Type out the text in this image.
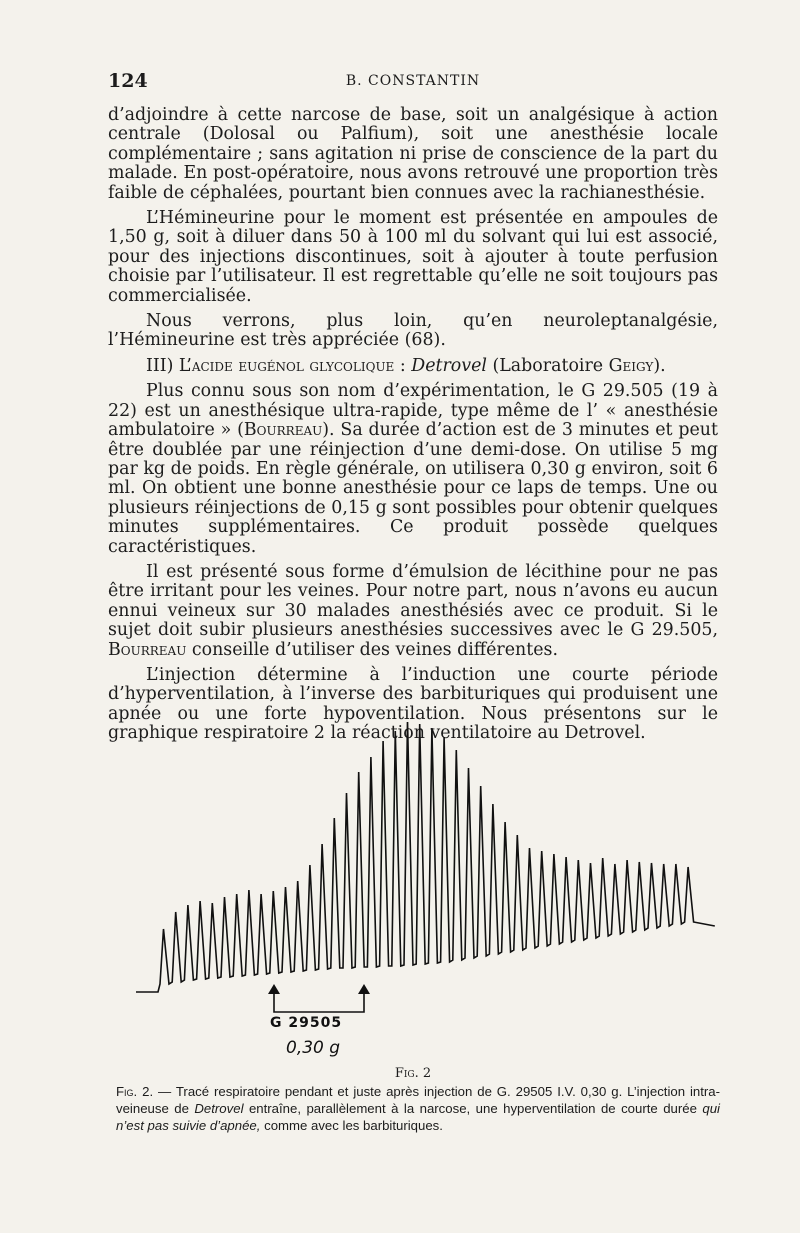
124	B. CONSTANTIN

d’adjoindre à cette narcose de base, soit un analgésique à action centrale (Dolosal ou Palfium), soit une anesthésie locale complémentaire ; sans agitation ni prise de conscience de la part du malade. En post-opératoire, nous avons retrouvé une proportion très faible de céphalées, pourtant bien connues avec la rachianesthésie.

L’Hémineurine pour le moment est présentée en ampoules de 1,50 g, soit à diluer dans 50 à 100 ml du solvant qui lui est associé, pour des injections discontinues, soit à ajouter à toute perfusion choisie par l’utilisateur. Il est regrettable qu’elle ne soit toujours pas commercialisée.

Nous verrons, plus loin, qu’en neuroleptanalgésie, l’Hémineurine est très appréciée (68).

III) L’acide eugénol glycolique : Detrovel (Laboratoire Geigy).

Plus connu sous son nom d’expérimentation, le G 29.505 (19 à 22) est un anesthésique ultra-rapide, type même de l’ « anesthésie ambulatoire » (Bourreau). Sa durée d’action est de 3 minutes et peut être doublée par une réinjection d’une demi-dose. On utilise 5 mg par kg de poids. En règle générale, on utilisera 0,30 g environ, soit 6 ml. On obtient une bonne anesthésie pour ce laps de temps. Une ou plusieurs réinjections de 0,15 g sont possibles pour obtenir quelques minutes supplémentaires. Ce produit possède quelques caractéristiques.

Il est présenté sous forme d’émulsion de lécithine pour ne pas être irritant pour les veines. Pour notre part, nous n’avons eu aucun ennui veineux sur 30 malades anesthésiés avec ce produit. Si le sujet doit subir plusieurs anesthésies successives avec le G 29.505, Bourreau conseille d’utiliser des veines différentes.

L’injection détermine à l’induction une courte période d’hyperventilation, à l’inverse des barbituriques qui produisent une apnée ou une forte hypoventilation. Nous présentons sur le graphique respiratoire 2 la réaction ventilatoire au Detrovel.

G 29505
0,30 g
Fig. 2
Fig. 2. — Tracé respiratoire pendant et juste après injection de G. 29505 I.V. 0,30 g. L’injection intra-veineuse de Detrovel entraîne, parallèlement à la narcose, une hyperventilation de courte durée qui n’est pas suivie d’apnée, comme avec les barbituriques.
